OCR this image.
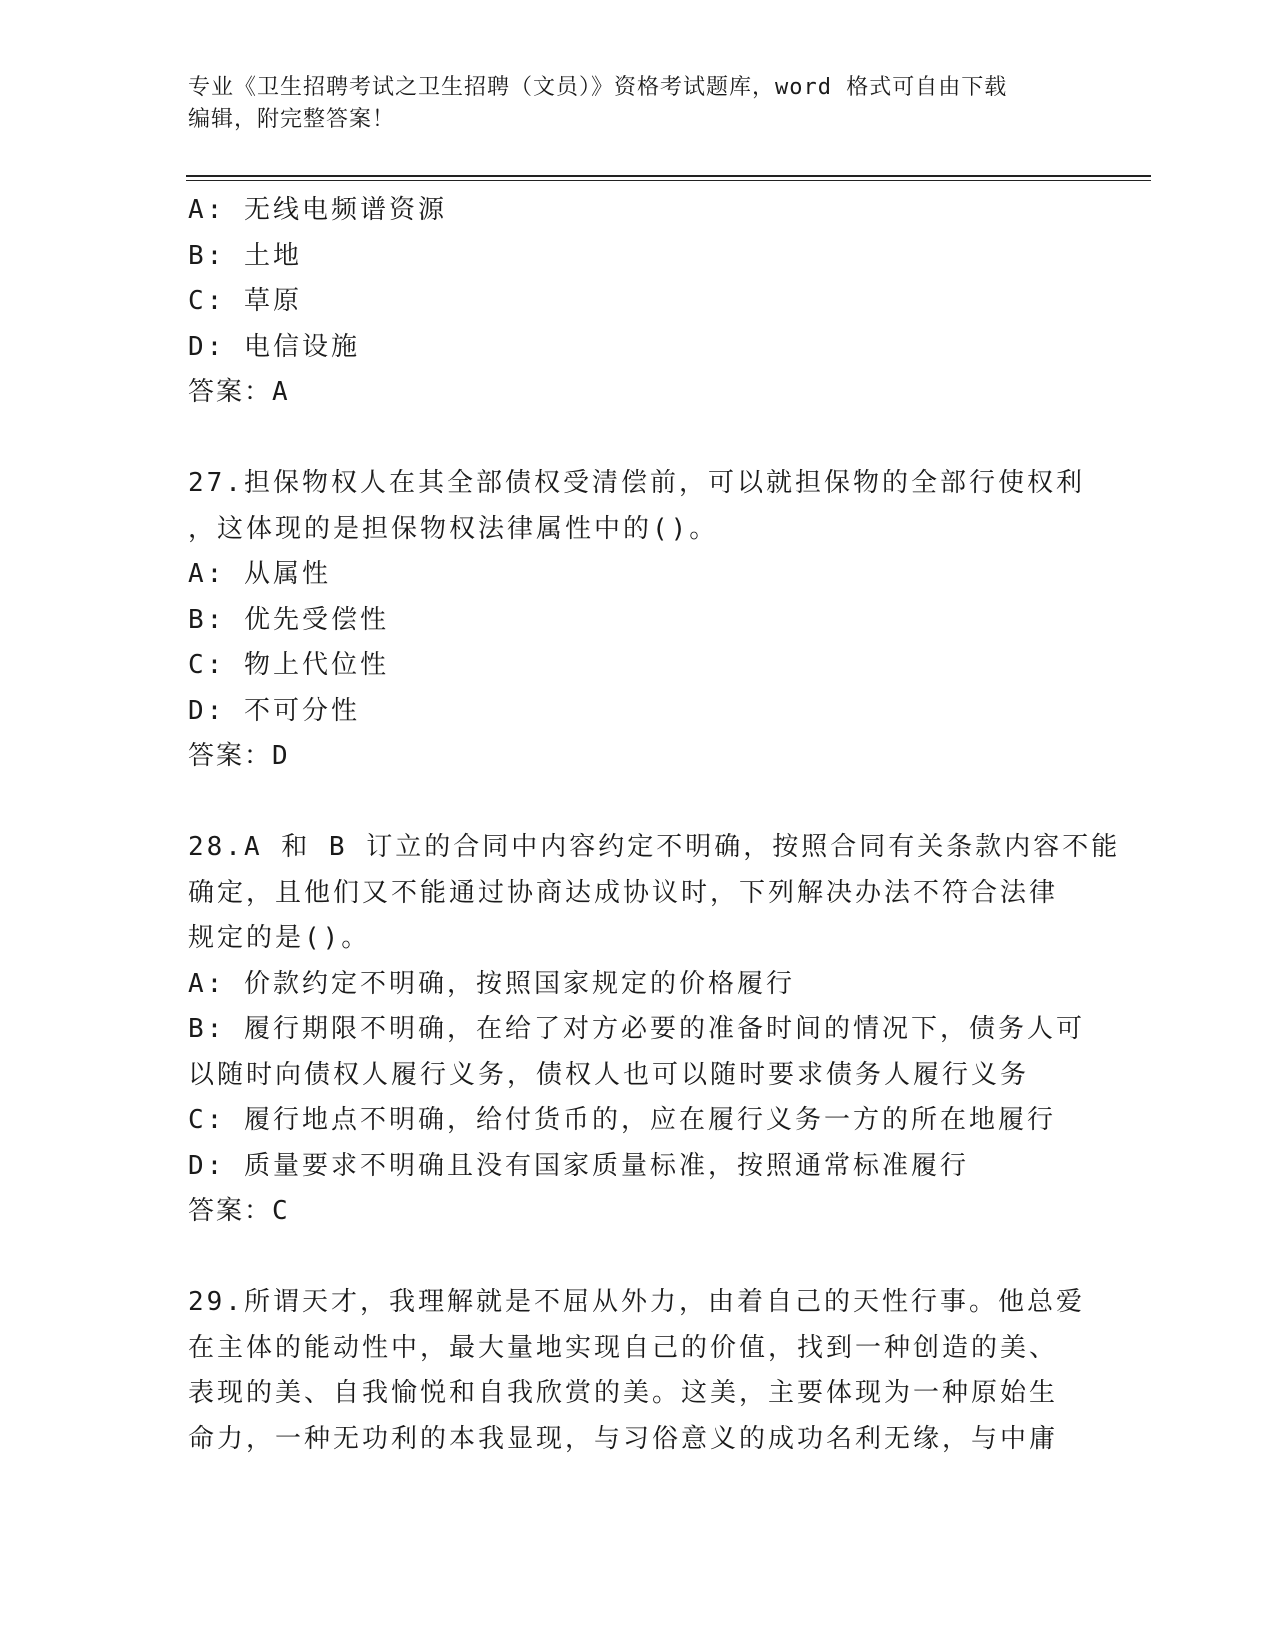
专业《卫生招聘考试之卫生招聘（文员）》资格考试题库，word 格式可自由下载
编辑，附完整答案！
A: 无线电频谱资源
B: 土地
C: 草原
D: 电信设施
答案：A
27.担保物权人在其全部债权受清偿前，可以就担保物的全部行使权利
，这体现的是担保物权法律属性中的()。
A: 从属性
B: 优先受偿性
C: 物上代位性
D: 不可分性
答案：D
28.A 和 B 订立的合同中内容约定不明确，按照合同有关条款内容不能
确定，且他们又不能通过协商达成协议时，下列解决办法不符合法律
规定的是()。
A: 价款约定不明确，按照国家规定的价格履行
B: 履行期限不明确，在给了对方必要的准备时间的情况下，债务人可
以随时向债权人履行义务，债权人也可以随时要求债务人履行义务
C: 履行地点不明确，给付货币的，应在履行义务一方的所在地履行
D: 质量要求不明确且没有国家质量标准，按照通常标准履行
答案：C
29.所谓天才，我理解就是不屈从外力，由着自己的天性行事。他总爱
在主体的能动性中，最大量地实现自己的价值，找到一种创造的美、
表现的美、自我愉悦和自我欣赏的美。这美，主要体现为一种原始生
命力，一种无功利的本我显现，与习俗意义的成功名利无缘，与中庸
